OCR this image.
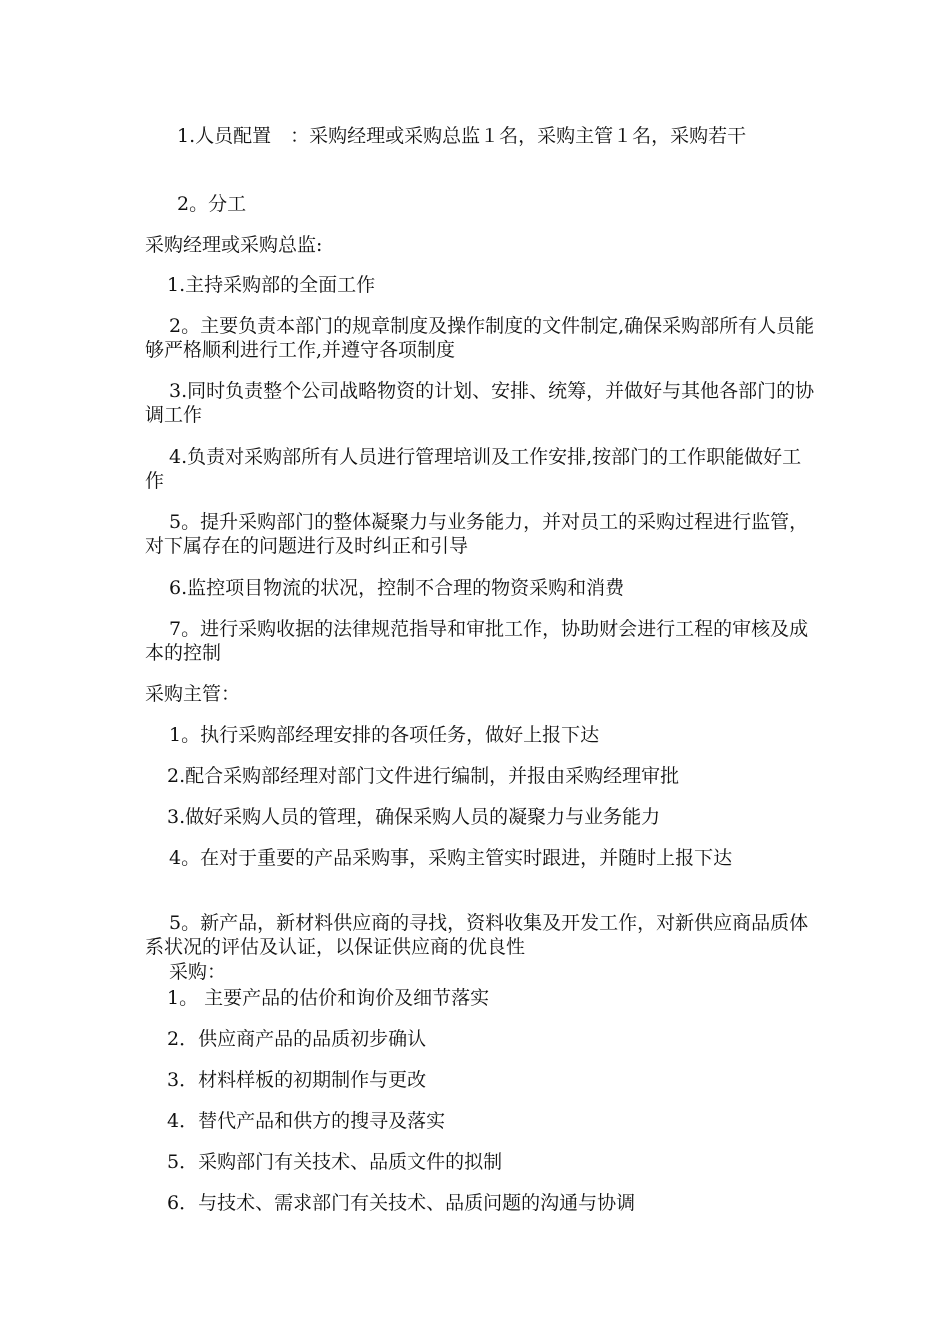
1.人员配置　：采购经理或采购总监１名，采购主管１名，采购若干

2。分工

采购经理或采购总监:

1.主持采购部的全面工作

2。主要负责本部门的规章制度及操作制度的文件制定,确保采购部所有人员能够严格顺利进行工作,并遵守各项制度

3.同时负责整个公司战略物资的计划、安排、统筹，并做好与其他各部门的协调工作

4.负责对采购部所有人员进行管理培训及工作安排,按部门的工作职能做好工作

5。提升采购部门的整体凝聚力与业务能力，并对员工的采购过程进行监管，对下属存在的问题进行及时纠正和引导

6.监控项目物流的状况，控制不合理的物资采购和消费

7。进行采购收据的法律规范指导和审批工作，协助财会进行工程的审核及成本的控制

采购主管：

1。执行采购部经理安排的各项任务，做好上报下达

2.配合采购部经理对部门文件进行编制，并报由采购经理审批

3.做好采购人员的管理，确保采购人员的凝聚力与业务能力

4。在对于重要的产品采购事，采购主管实时跟进，并随时上报下达

5。新产品，新材料供应商的寻找，资料收集及开发工作，对新供应商品质体系状况的评估及认证，以保证供应商的优良性

采购：

1。 主要产品的估价和询价及细节落实

2．供应商产品的品质初步确认

3．材料样板的初期制作与更改

4．替代产品和供方的搜寻及落实

5．采购部门有关技术、品质文件的拟制

6．与技术、需求部门有关技术、品质问题的沟通与协调
